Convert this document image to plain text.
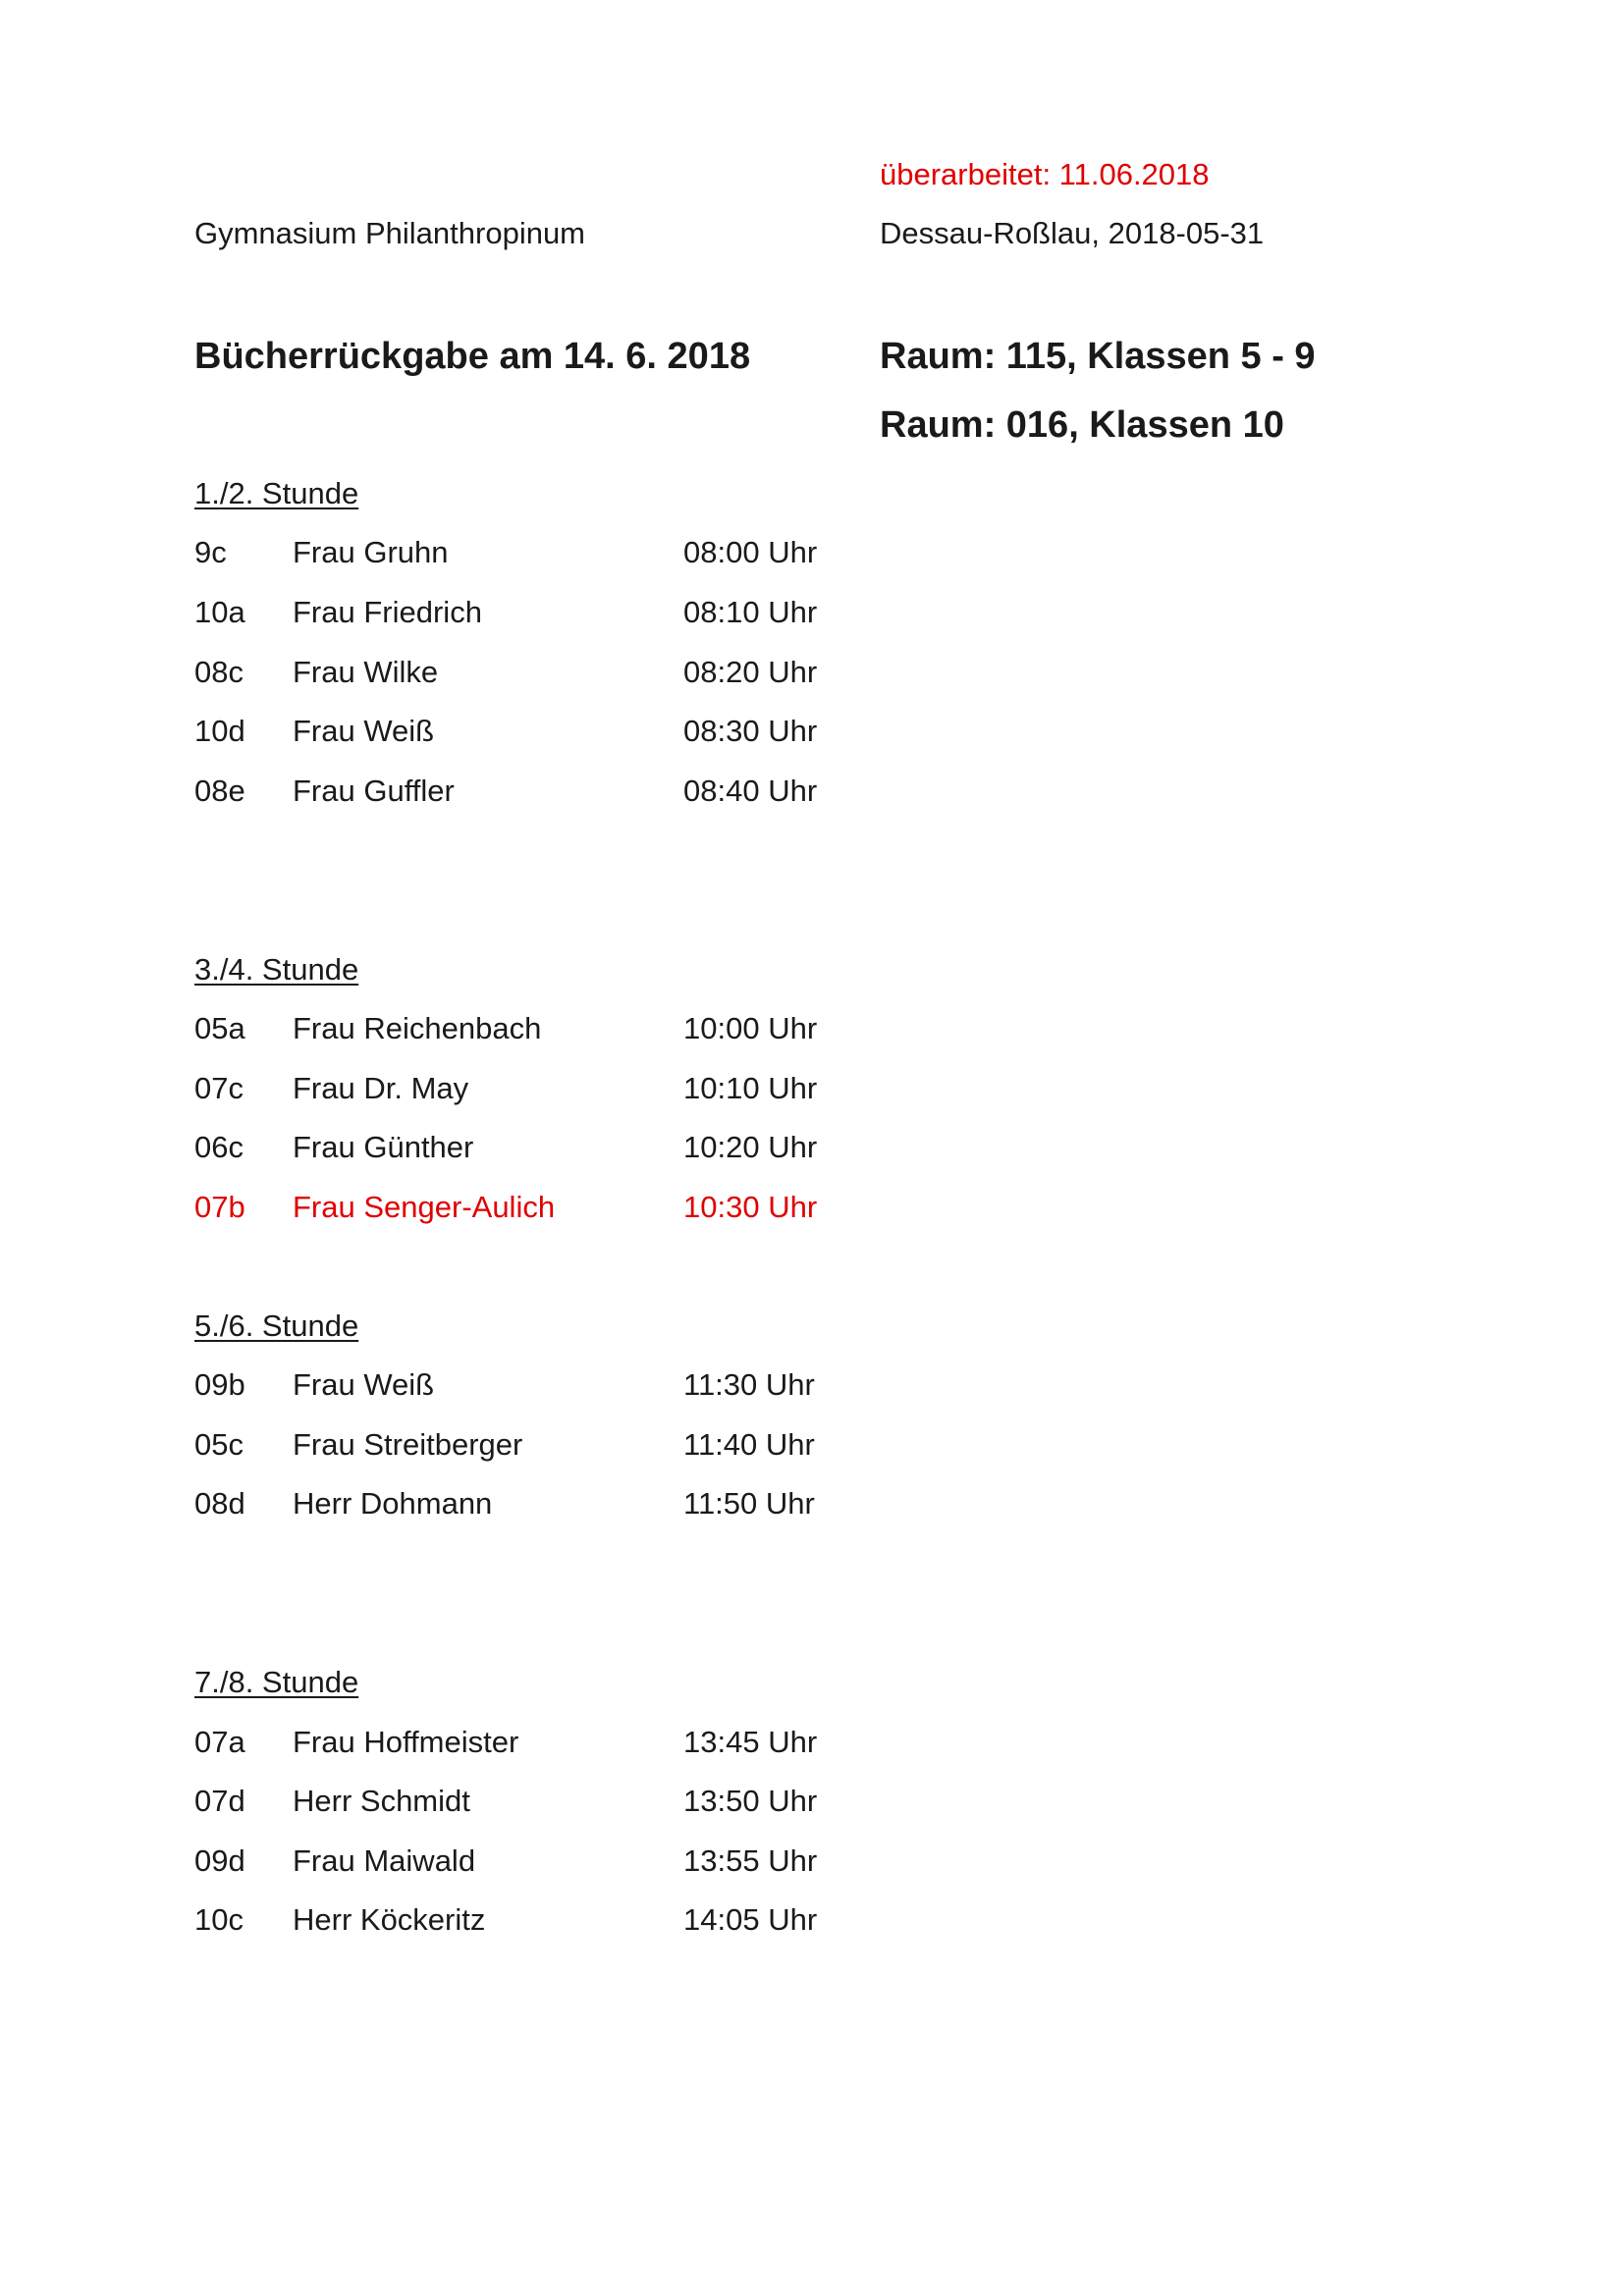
überarbeitet: 11.06.2018
Gymnasium Philanthropinum	Dessau-Roßlau, 2018-05-31
Bücherrückgabe am 14. 6. 2018	Raum: 115, Klassen 5 - 9
Raum: 016, Klassen 10
1./2. Stunde
9c Frau Gruhn	08:00 Uhr
10a Frau Friedrich	08:10 Uhr
08c Frau Wilke	08:20 Uhr
10d Frau Weiß	08:30 Uhr
08e Frau Guffler	08:40 Uhr
3./4. Stunde
05a Frau Reichenbach	10:00 Uhr
07c Frau Dr. May	10:10 Uhr
06c Frau Günther	10:20 Uhr
07b Frau Senger-Aulich	10:30 Uhr
5./6. Stunde
09b Frau Weiß	11:30 Uhr
05c Frau Streitberger	11:40 Uhr
08d Herr Dohmann	11:50 Uhr
7./8. Stunde
07a Frau Hoffmeister	13:45 Uhr
07d Herr Schmidt	13:50 Uhr
09d Frau Maiwald	13:55 Uhr
10c Herr Köckeritz	14:05 Uhr
